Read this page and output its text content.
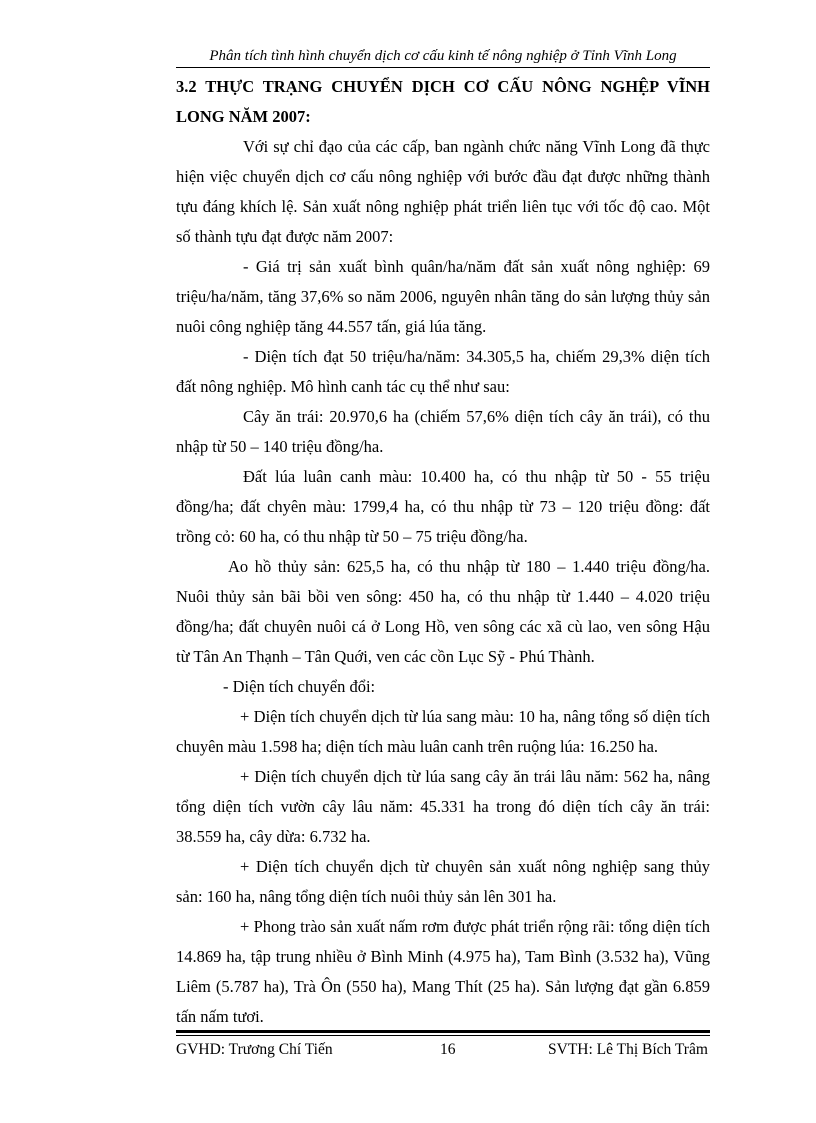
Phân tích tình hình chuyển dịch cơ cấu kinh tế nông nghiệp ở Tỉnh Vĩnh Long

3.2 THỰC TRẠNG CHUYỂN DỊCH CƠ CẤU NÔNG NGHỆP VĨNH LONG NĂM 2007:

Với sự chỉ đạo của các cấp, ban ngành chức năng Vĩnh Long đã thực hiện việc chuyển dịch cơ cấu nông nghiệp với bước đầu đạt được những thành tựu đáng khích lệ. Sản xuất nông nghiệp phát triển liên tục với tốc độ cao. Một số thành tựu đạt được năm 2007:

- Giá trị sản xuất bình quân/ha/năm đất sản xuất nông nghiệp: 69 triệu/ha/năm, tăng 37,6% so năm 2006, nguyên nhân tăng do sản lượng thủy sản nuôi công nghiệp tăng 44.557 tấn, giá lúa tăng.

- Diện tích đạt 50 triệu/ha/năm: 34.305,5 ha, chiếm 29,3% diện tích đất nông nghiệp. Mô hình canh tác cụ thể như sau:

Cây ăn trái: 20.970,6 ha (chiếm 57,6% diện tích cây ăn trái), có thu nhập từ 50 – 140 triệu đồng/ha.

Đất lúa luân canh màu: 10.400 ha, có thu nhập từ 50 - 55 triệu đồng/ha; đất chyên màu: 1799,4 ha, có thu nhập từ 73 – 120 triệu đồng: đất trồng cỏ: 60 ha, có thu nhập từ 50 – 75 triệu đồng/ha.

Ao hồ thủy sản: 625,5 ha, có thu nhập từ 180 – 1.440 triệu đồng/ha. Nuôi thủy sản bãi bồi ven sông: 450 ha, có thu nhập từ 1.440 – 4.020 triệu đồng/ha; đất chuyên nuôi cá ở Long Hồ, ven sông các xã cù lao, ven sông Hậu từ Tân An Thạnh – Tân Quới, ven các cồn Lục Sỹ - Phú Thành.

- Diện tích chuyển đổi:

+ Diện tích chuyển dịch từ lúa sang màu: 10 ha, nâng tổng số diện tích chuyên màu 1.598 ha; diện tích màu luân canh trên ruộng lúa: 16.250 ha.

+ Diện tích chuyển dịch từ lúa sang cây ăn trái lâu năm: 562 ha, nâng tổng diện tích vườn cây lâu năm: 45.331 ha trong đó diện tích cây ăn trái: 38.559 ha, cây dừa: 6.732 ha.

+ Diện tích chuyển dịch từ chuyên sản xuất nông nghiệp sang thủy sản: 160 ha, nâng tổng diện tích nuôi thủy sản lên 301 ha.

+ Phong trào sản xuất nấm rơm được phát triển rộng rãi: tổng diện tích 14.869 ha, tập trung nhiều ở Bình Minh (4.975 ha), Tam Bình (3.532 ha), Vũng Liêm (5.787 ha), Trà Ôn (550 ha), Mang Thít (25 ha). Sản lượng đạt gần 6.859 tấn nấm tươi.

GVHD: Trương Chí Tiến	16	SVTH: Lê Thị Bích Trâm
